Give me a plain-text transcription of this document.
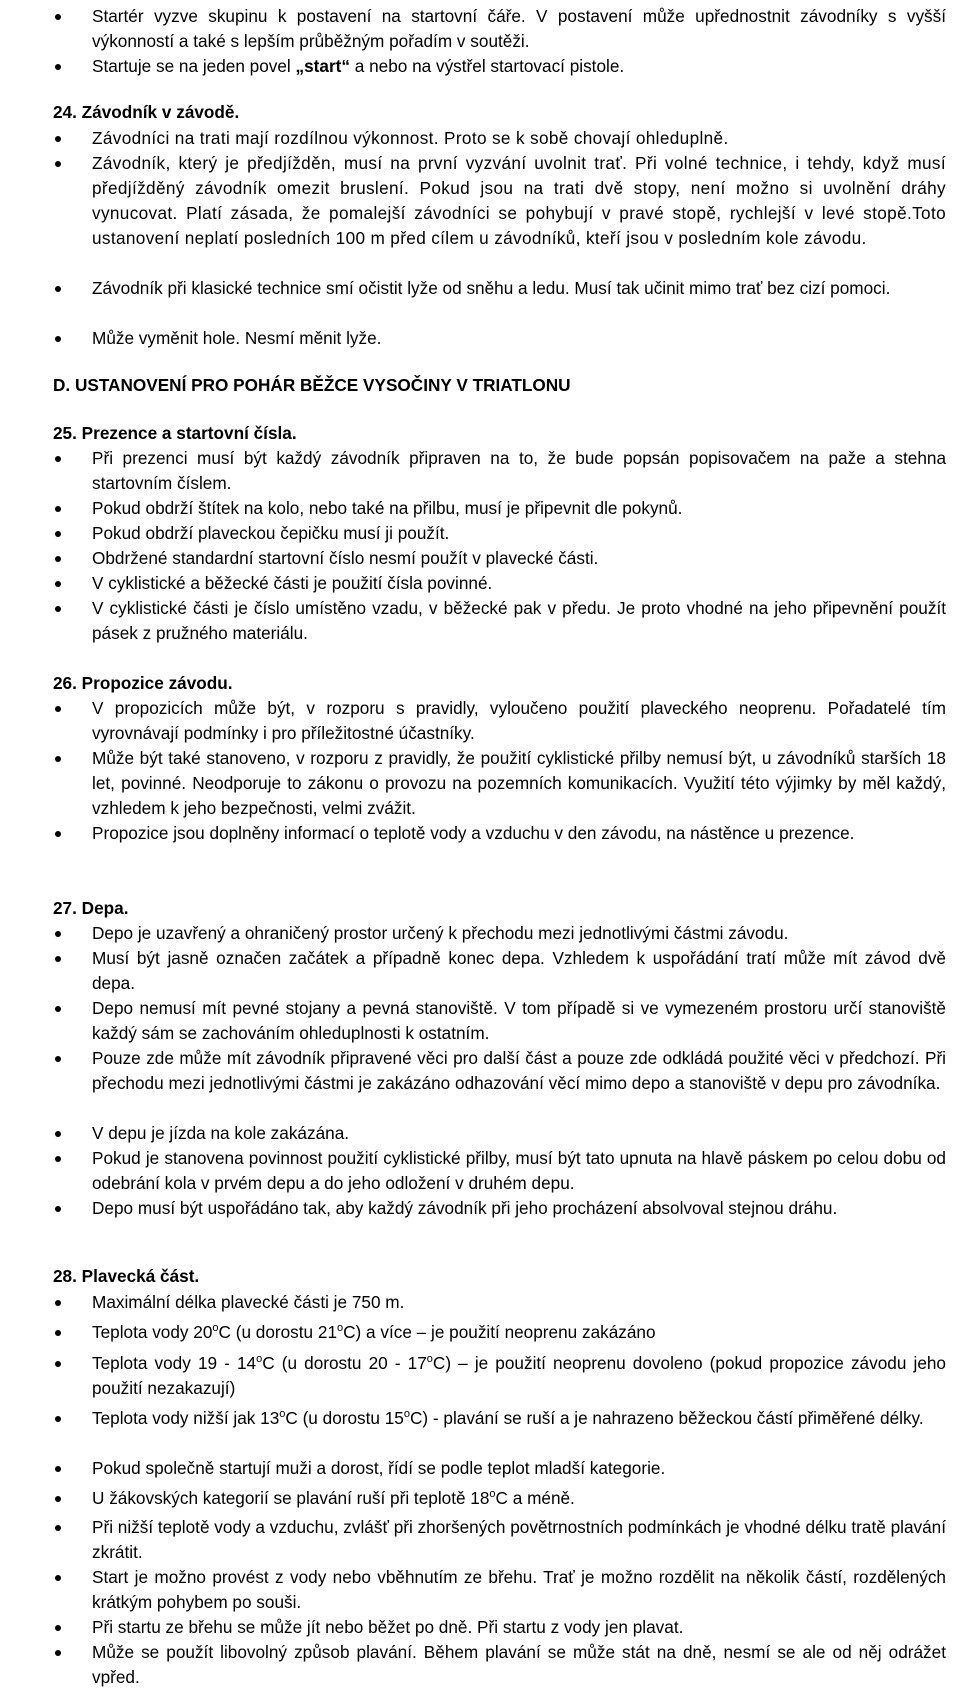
Startér vyzve skupinu k postavení na startovní čáře. V postavení může upřednostnit závodníky s vyšší výkonností a také s lepším průběžným pořadím v soutěži.
Startuje se na jeden povel „start“ a nebo na výstřel startovací pistole.
24. Závodník v závodě.
Závodníci na trati mají rozdílnou výkonnost. Proto se k sobě chovají ohleduplně.
Závodník, který je předjížděn, musí na první vyzvání uvolnit trať. Při volné technice, i tehdy, když musí předjížděný závodník omezit bruslení. Pokud jsou na trati dvě stopy, není možno si uvolnění dráhy vynucovat. Platí zásada, že pomalejší závodníci se pohybují v pravé stopě, rychlejší v levé stopě.Toto ustanovení neplatí posledních 100 m před cílem u závodníků, kteří jsou v posledním kole závodu.
Závodník při klasické technice smí očistit lyže od sněhu a ledu. Musí tak učinit mimo trať bez cizí pomoci.
Může vyměnit hole. Nesmí měnit lyže.
D. USTANOVENÍ PRO POHÁR BĚŽCE VYSOČINY V TRIATLONU
25. Prezence a startovní čísla.
Při prezenci musí být každý závodník připraven na to, že bude popsán popisovačem na paže a stehna startovním číslem.
Pokud obdrží štítek na kolo, nebo také na přilbu, musí je připevnit dle pokynů.
Pokud obdrží plaveckou čepičku musí ji použít.
Obdržené standardní startovní číslo nesmí použít v plavecké části.
V cyklistické a běžecké části je použití čísla povinné.
V cyklistické části je číslo umístěno vzadu, v běžecké pak v předu. Je proto vhodné na jeho připevnění použít pásek z pružného materiálu.
26. Propozice závodu.
V propozicích může být, v rozporu s pravidly, vyloučeno použití plaveckého neoprenu. Pořadatelé tím vyrovnávají podmínky i pro příležitostné účastníky.
Může být také stanoveno, v rozporu z pravidly, že použití cyklistické přilby nemusí být, u závodníků starších 18 let, povinné. Neodporuje to zákonu o provozu na pozemních komunikacích. Využití této výjimky by měl každý, vzhledem k jeho bezpečnosti, velmi zvážit.
Propozice jsou doplněny informací o teplotě vody a vzduchu v den závodu, na nástěnce u prezence.
27. Depa.
Depo je uzavřený a ohraničený prostor určený k přechodu mezi jednotlivými částmi závodu.
Musí být jasně označen začátek a případně konec depa. Vzhledem k uspořádání tratí může mít závod dvě depa.
Depo nemusí mít pevné stojany a pevná stanoviště. V tom případě si ve vymezeném prostoru určí stanoviště každý sám se zachováním ohleduplnosti k ostatním.
Pouze zde může mít závodník připravené věci pro další část a pouze zde odkládá použité věci v předchozí. Při přechodu mezi jednotlivými částmi je zakázáno odhazování věcí mimo depo a stanoviště v depu pro závodníka.
V depu je jízda na kole zakázána.
Pokud je stanovena povinnost použití cyklistické přilby, musí být tato upnuta na hlavě páskem po celou dobu od odebrání kola v prvém depu a do jeho odložení v druhém depu.
Depo musí být uspořádáno tak, aby každý závodník při jeho procházení absolvoval stejnou dráhu.
28. Plavecká část.
Maximální délka plavecké části je 750 m.
Teplota vody 20$^o$C (u dorostu 21$^o$C) a více – je použití neoprenu zakázáno
Teplota vody 19 - 14$^o$C (u dorostu 20 - 17$^o$C) – je použití neoprenu dovoleno (pokud propozice závodu jeho použití nezakazují)
Teplota vody nižší jak 13$^o$C (u dorostu 15$^o$C) - plavání se ruší a je nahrazeno běžeckou částí přiměřené délky.
Pokud společně startují muži a dorost, řídí se podle teplot mladší kategorie.
U žákovských kategorií se plavání ruší při teplotě 18$^o$C a méně.
Při nižší teplotě vody a vzduchu, zvlášť při zhoršených povětrnostních podmínkách je vhodné délku tratě plavání zkrátit.
Start je možno provést z vody nebo vběhnutím ze břehu. Trať je možno rozdělit na několik částí, rozdělených krátkým pohybem po souši.
Při startu ze břehu se může jít nebo běžet po dně. Při startu z vody jen plavat.
Může se použít libovolný způsob plavání. Během plavání se může stát na dně, nesmí se ale od něj odrážet vpřed.
